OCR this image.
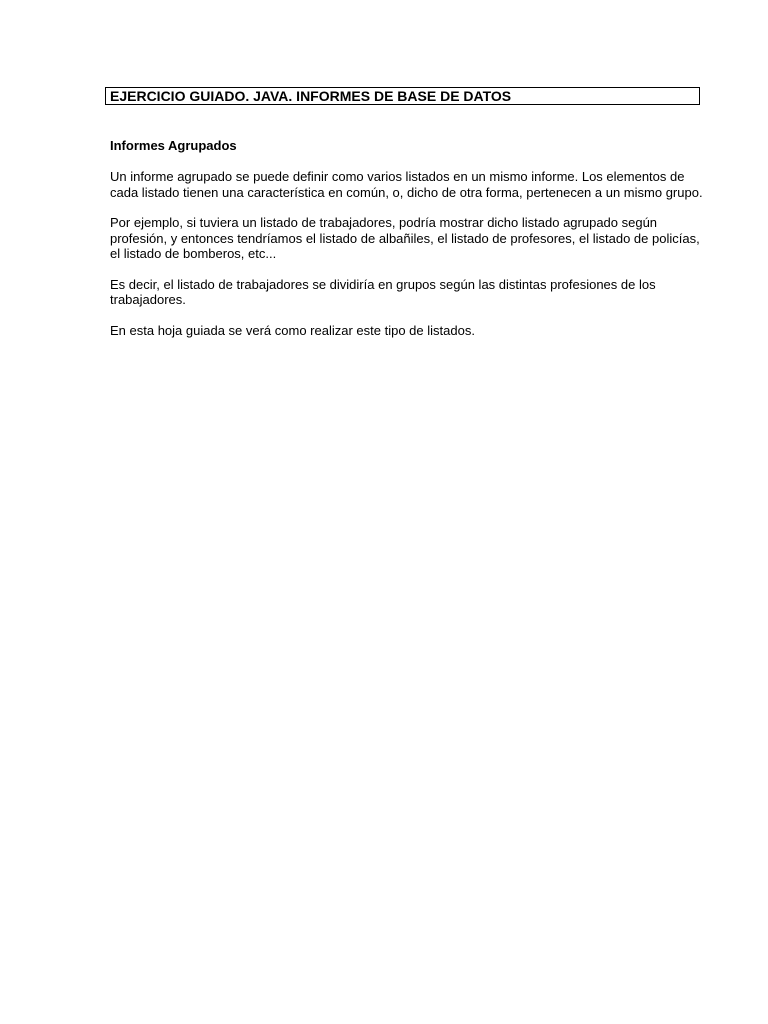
EJERCICIO GUIADO. JAVA. INFORMES DE BASE DE DATOS
Informes Agrupados

Un informe agrupado se puede definir como varios listados en un mismo informe. Los elementos de cada listado tienen una característica en común, o, dicho de otra forma, pertenecen a un mismo grupo.

Por ejemplo, si tuviera un listado de trabajadores, podría mostrar dicho listado agrupado según profesión, y entonces tendríamos el listado de albañiles, el listado de profesores, el listado de policías, el listado de bomberos, etc...

Es decir, el listado de trabajadores se dividiría en grupos según las distintas profesiones de los trabajadores.

En esta hoja guiada se verá como realizar este tipo de listados.
